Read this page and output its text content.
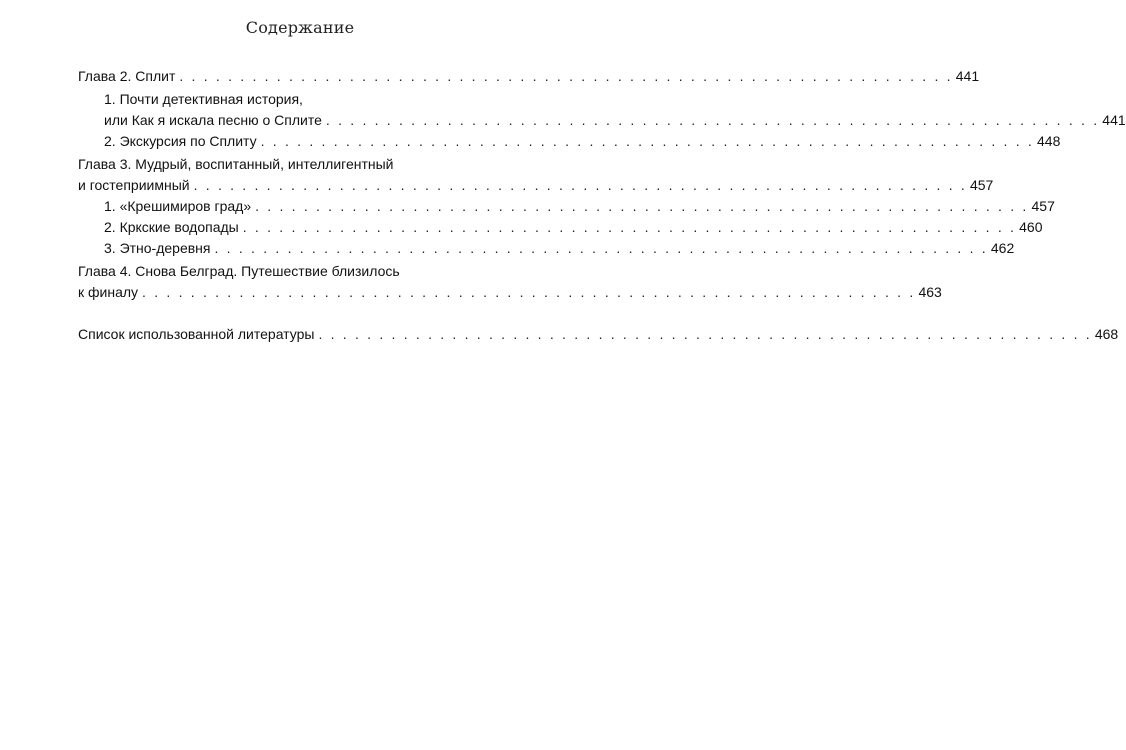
Содержание
Глава 2. Сплит . . . . . . . . . . . . . . . . . . . . . . . . . . . . . . . . . . . . . . . . . . . . . . . . . . . . . . . . . . . . . . . . 441
1. Почти детективная история,
или Как я искала песню о Сплите . . . . . . . . . . . . . . . . . . . . . . . . . . . . . . . . . . . . . . . . . . . . . . . . . . . . . . . . . . . . . . . . 441
2. Экскурсия по Сплиту . . . . . . . . . . . . . . . . . . . . . . . . . . . . . . . . . . . . . . . . . . . . . . . . . . . . . . . . . . . . . . . . 448
Глава 3. Мудрый, воспитанный, интеллигентный
и гостеприимный . . . . . . . . . . . . . . . . . . . . . . . . . . . . . . . . . . . . . . . . . . . . . . . . . . . . . . . . . . . . . . . . 457
1. «Крешимиров град» . . . . . . . . . . . . . . . . . . . . . . . . . . . . . . . . . . . . . . . . . . . . . . . . . . . . . . . . . . . . . . . . 457
2. Кркские водопады . . . . . . . . . . . . . . . . . . . . . . . . . . . . . . . . . . . . . . . . . . . . . . . . . . . . . . . . . . . . . . . . 460
3. Этно-деревня . . . . . . . . . . . . . . . . . . . . . . . . . . . . . . . . . . . . . . . . . . . . . . . . . . . . . . . . . . . . . . . . 462
Глава 4. Снова Белград. Путешествие близилось
к финалу . . . . . . . . . . . . . . . . . . . . . . . . . . . . . . . . . . . . . . . . . . . . . . . . . . . . . . . . . . . . . . . . 463
Список использованной литературы . . . . . . . . . . . . . . . . . . . . . . . . . . . . . . . . . . . . . . . . . . . . . . . . . . . . . . . . . . . . . . . . 468
